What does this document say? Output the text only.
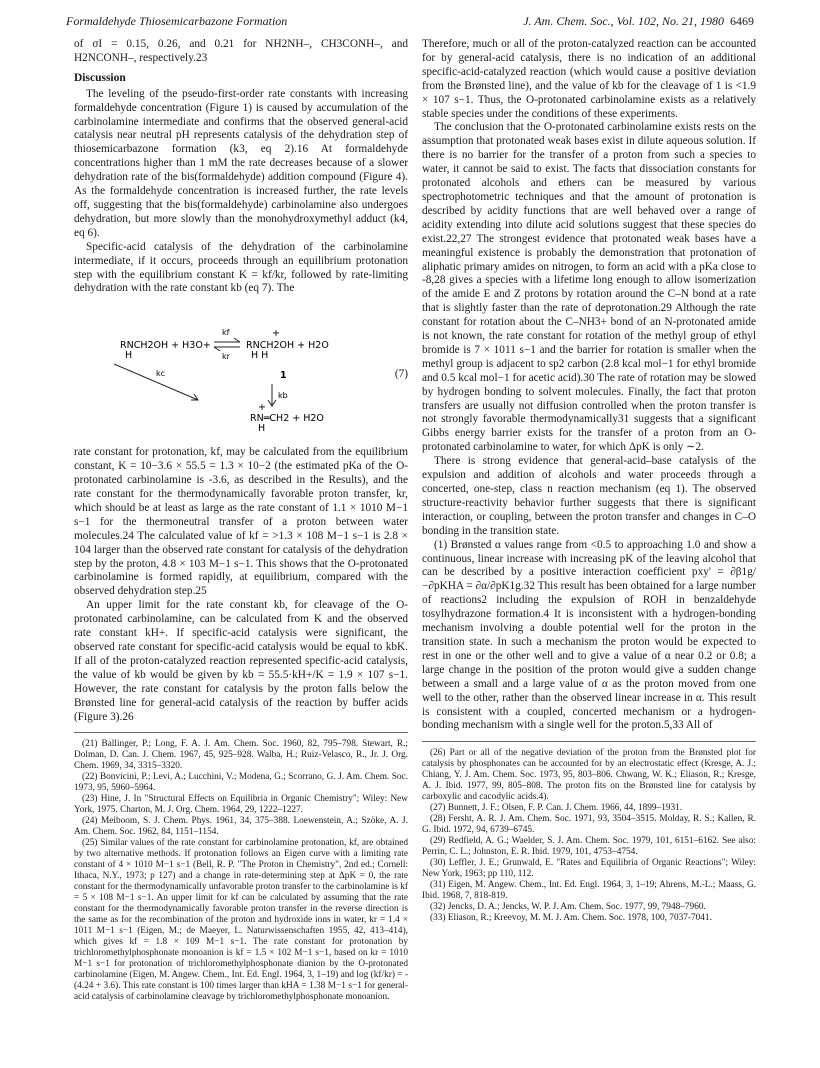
Formaldehyde Thiosemicarbazone Formation	J. Am. Chem. Soc., Vol. 102, No. 21, 1980 6469

of σI = 0.15, 0.26, and 0.21 for NH2NH–, CH3CONH–, and H2NCONH–, respectively.23

Discussion

The leveling of the pseudo-first-order rate constants with increasing formaldehyde concentration (Figure 1) is caused by accumulation of the carbinolamine intermediate and confirms that the observed general-acid catalysis near neutral pH represents catalysis of the dehydration step of thiosemicarbazone formation (k3, eq 2).16 At formaldehyde concentrations higher than 1 mM the rate decreases because of a slower dehydration rate of the bis(formaldehyde) addition compound (Figure 4). As the formaldehyde concentration is increased further, the rate levels off, suggesting that the bis(formaldehyde) carbinolamine also undergoes dehydration, but more slowly than the monohydroxymethyl adduct (k4, eq 6).

Specific-acid catalysis of the dehydration of the carbinolamine intermediate, if it occurs, proceeds through an equilibrium protonation step with the equilibrium constant K = kf/kr, followed by rate-limiting dehydration with the rate constant kb (eq 7). The

RNCH2OH + H3O+
H
kf
kr
+
RNCH2OH + H2O
H H
kc	1
kb
+
RN═CH2 + H2O
H
(7)

rate constant for protonation, kf, may be calculated from the equilibrium constant, K = 10−3.6 × 55.5 = 1.3 × 10−2 (the estimated pKa of the O-protonated carbinolamine is -3.6, as described in the Results), and the rate constant for the thermodynamically favorable proton transfer, kr, which should be at least as large as the rate constant of 1.1 × 1010 M−1 s−1 for the thermoneutral transfer of a proton between water molecules.24 The calculated value of kf = >1.3 × 108 M−1 s−1 is 2.8 × 104 larger than the observed rate constant for catalysis of the dehydration step by the proton, 4.8 × 103 M−1 s−1. This shows that the O-protonated carbinolamine is formed rapidly, at equilibrium, compared with the observed dehydration step.25

An upper limit for the rate constant kb, for cleavage of the O-protonated carbinolamine, can be calculated from K and the observed rate constant kH+. If specific-acid catalysis were significant, the observed rate constant for specific-acid catalysis would be equal to kbK. If all of the proton-catalyzed reaction represented specific-acid catalysis, the value of kb would be given by kb = 55.5·kH+/K = 1.9 × 107 s−1. However, the rate constant for catalysis by the proton falls below the Brønsted line for general-acid catalysis of the reaction by buffer acids (Figure 3).26

(21) Ballinger, P.; Long, F. A. J. Am. Chem. Soc. 1960, 82, 795–798. Stewart, R.; Dolman, D. Can. J. Chem. 1967, 45, 925–928. Walba, H.; Ruiz-Velasco, R., Jr. J. Org. Chem. 1969, 34, 3315–3320.

(22) Bonvicini, P.; Levi, A.; Lucchini, V.; Modena, G.; Scorrano, G. J. Am. Chem. Soc. 1973, 95, 5960–5964.

(23) Hine, J. In "Structural Effects on Equilibria in Organic Chemistry"; Wiley: New York, 1975. Charton, M. J. Org. Chem. 1964, 29, 1222–1227.

(24) Meiboom, S. J. Chem. Phys. 1961, 34, 375–388. Loewenstein, A.; Szöke, A. J. Am. Chem. Soc. 1962, 84, 1151–1154.

(25) Similar values of the rate constant for carbinolamine protonation, kf, are obtained by two alternative methods. If protonation follows an Eigen curve with a limiting rate constant of 4 × 1010 M−1 s−1 (Bell, R. P. "The Proton in Chemistry", 2nd ed.; Cornell: Ithaca, N.Y., 1973; p 127) and a change in rate-determining step at ΔpK = 0, the rate constant for the thermodynamically unfavorable proton transfer to the carbinolamine is kf = 5 × 108 M−1 s−1. An upper limit for kf can be calculated by assuming that the rate constant for the thermodynamically favorable proton transfer in the reverse direction is the same as for the recombination of the proton and hydroxide ions in water, kr = 1.4 × 1011 M−1 s−1 (Eigen, M.; de Maeyer, L. Naturwissenschaften 1955, 42, 413–414), which gives kf = 1.8 × 109 M−1 s−1. The rate constant for protonation by trichloromethylphosphonate monoanion is kf = 1.5 × 102 M−1 s−1, based on kr = 1010 M−1 s−1 for protonation of trichloromethylphosphonate dianion by the O-protonated carbinolamine (Eigen, M. Angew. Chem., Int. Ed. Engl. 1964, 3, 1–19) and log (kf/kr) = -(4.24 + 3.6). This rate constant is 100 times larger than kHA = 1.38 M−1 s−1 for general-acid catalysis of carbinolamine cleavage by trichloromethylphosphonate monoanion.

Therefore, much or all of the proton-catalyzed reaction can be accounted for by general-acid catalysis, there is no indication of an additional specific-acid-catalyzed reaction (which would cause a positive deviation from the Brønsted line), and the value of kb for the cleavage of 1 is <1.9 × 107 s−1. Thus, the O-protonated carbinolamine exists as a relatively stable species under the conditions of these experiments.

The conclusion that the O-protonated carbinolamine exists rests on the assumption that protonated weak bases exist in dilute aqueous solution. If there is no barrier for the transfer of a proton from such a species to water, it cannot be said to exist. The facts that dissociation constants for protonated alcohols and ethers can be measured by various spectrophotometric techniques and that the amount of protonation is described by acidity functions that are well behaved over a range of acidity extending into dilute acid solutions suggest that these species do exist.22,27 The strongest evidence that protonated weak bases have a meaningful existence is probably the demonstration that protonation of aliphatic primary amides on nitrogen, to form an acid with a pKa close to -8,28 gives a species with a lifetime long enough to allow isomerization of the amide E and Z protons by rotation around the C–N bond at a rate that is slightly faster than the rate of deprotonation.29 Although the rate constant for rotation about the C–NH3+ bond of an N-protonated amide is not known, the rate constant for rotation of the methyl group of ethyl bromide is 7 × 1011 s−1 and the barrier for rotation is smaller when the methyl group is adjacent to sp2 carbon (2.8 kcal mol−1 for ethyl bromide and 0.5 kcal mol−1 for acetic acid).30 The rate of rotation may be slowed by hydrogen bonding to solvent molecules. Finally, the fact that proton transfers are usually not diffusion controlled when the proton transfer is not strongly favorable thermodynamically31 suggests that a significant Gibbs energy barrier exists for the transfer of a proton from an O-protonated carbinolamine to water, for which ΔpK is only ∼2.

There is strong evidence that general-acid–base catalysis of the expulsion and addition of alcohols and water proceeds through a concerted, one-step, class n reaction mechanism (eq 1). The observed structure-reactivity behavior further suggests that there is significant interaction, or coupling, between the proton transfer and changes in C–O bonding in the transition state.

(1) Brønsted α values range from <0.5 to approaching 1.0 and show a continuous, linear increase with increasing pK of the leaving alcohol that can be described by a positive interaction coefficient pxy' = ∂β1g/−∂pKHA = ∂α/∂pK1g.32 This result has been obtained for a large number of reactions2 including the expulsion of ROH in benzaldehyde tosylhydrazone formation.4 It is inconsistent with a hydrogen-bonding mechanism involving a double potential well for the proton in the transition state. In such a mechanism the proton would be expected to rest in one or the other well and to give a value of α near 0.2 or 0.8; a large change in the position of the proton would give a sudden change between a small and a large value of α as the proton moved from one well to the other, rather than the observed linear increase in α. This result is consistent with a coupled, concerted mechanism or a hydrogen-bonding mechanism with a single well for the proton.5,33 All of

(26) Part or all of the negative deviation of the proton from the Brønsted plot for catalysis by phosphonates can be accounted for by an electrostatic effect (Kresge, A. J.; Chiang, Y. J. Am. Chem. Soc. 1973, 95, 803–806. Chwang, W. K.; Eliason, R.; Kresge, A. J. Ibid. 1977, 99, 805–808. The proton fits on the Brønsted line for catalysis by carboxylic and cacodylic acids.4).

(27) Bunnett, J. F.; Olsen, F. P. Can. J. Chem. 1966, 44, 1899–1931.

(28) Fersht, A. R. J. Am. Chem. Soc. 1971, 93, 3504–3515. Molday, R. S.; Kallen, R. G. Ibid. 1972, 94, 6739–6745.

(29) Redfield, A. G.; Waelder, S. J. Am. Chem. Soc. 1979, 101, 6151–6162. See also: Perrin, C. L.; Johnston, E. R. Ibid. 1979, 101, 4753–4754.

(30) Leffler, J. E.; Grunwald, E. "Rates and Equilibria of Organic Reactions"; Wiley: New York, 1963; pp 110, 112.

(31) Eigen, M. Angew. Chem., Int. Ed. Engl. 1964, 3, 1–19; Ahrens, M.-L.; Maass, G. Ibid. 1968, 7, 818-819.

(32) Jencks, D. A.; Jencks, W. P. J. Am. Chem. Soc. 1977, 99, 7948–7960.

(33) Eliason, R.; Kreevoy, M. M. J. Am. Chem. Soc. 1978, 100, 7037-7041.
